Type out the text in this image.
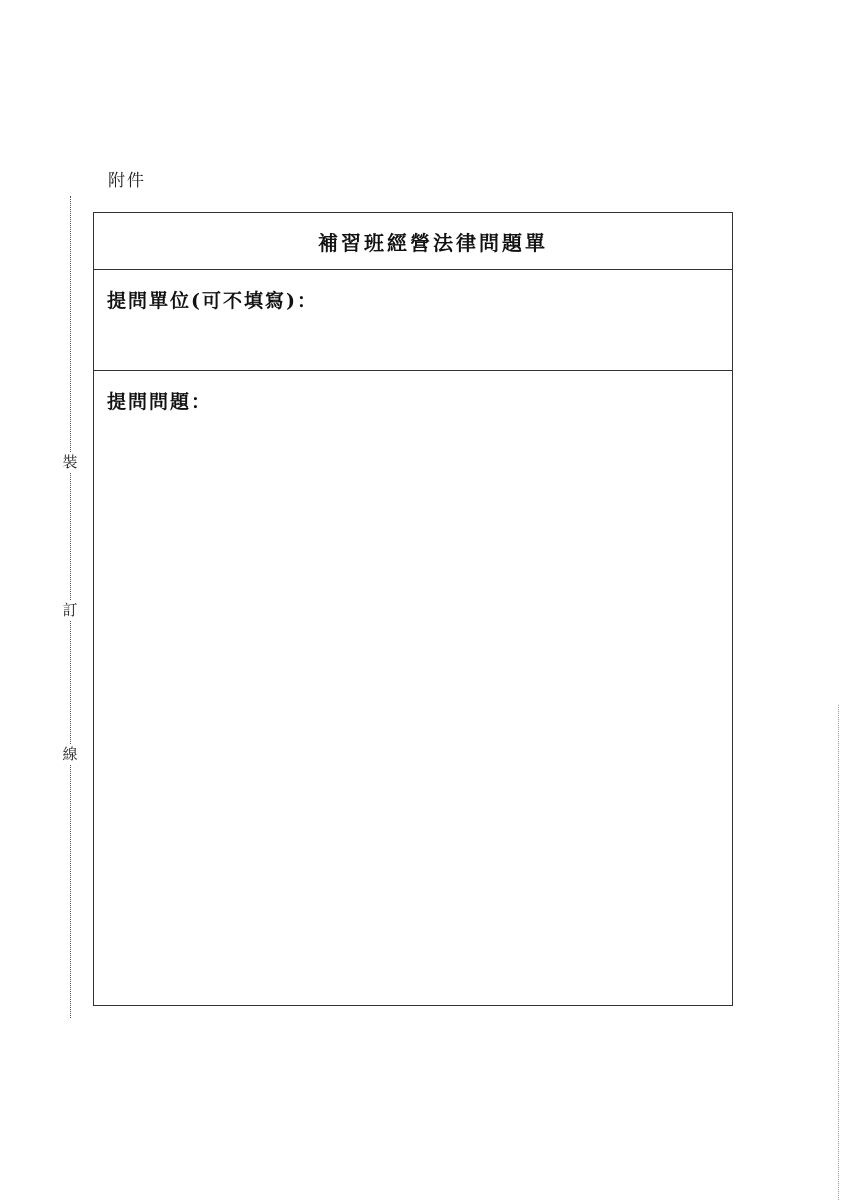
附件
裝
訂
線
補習班經營法律問題單
提問單位(可不填寫)：
提問問題：
